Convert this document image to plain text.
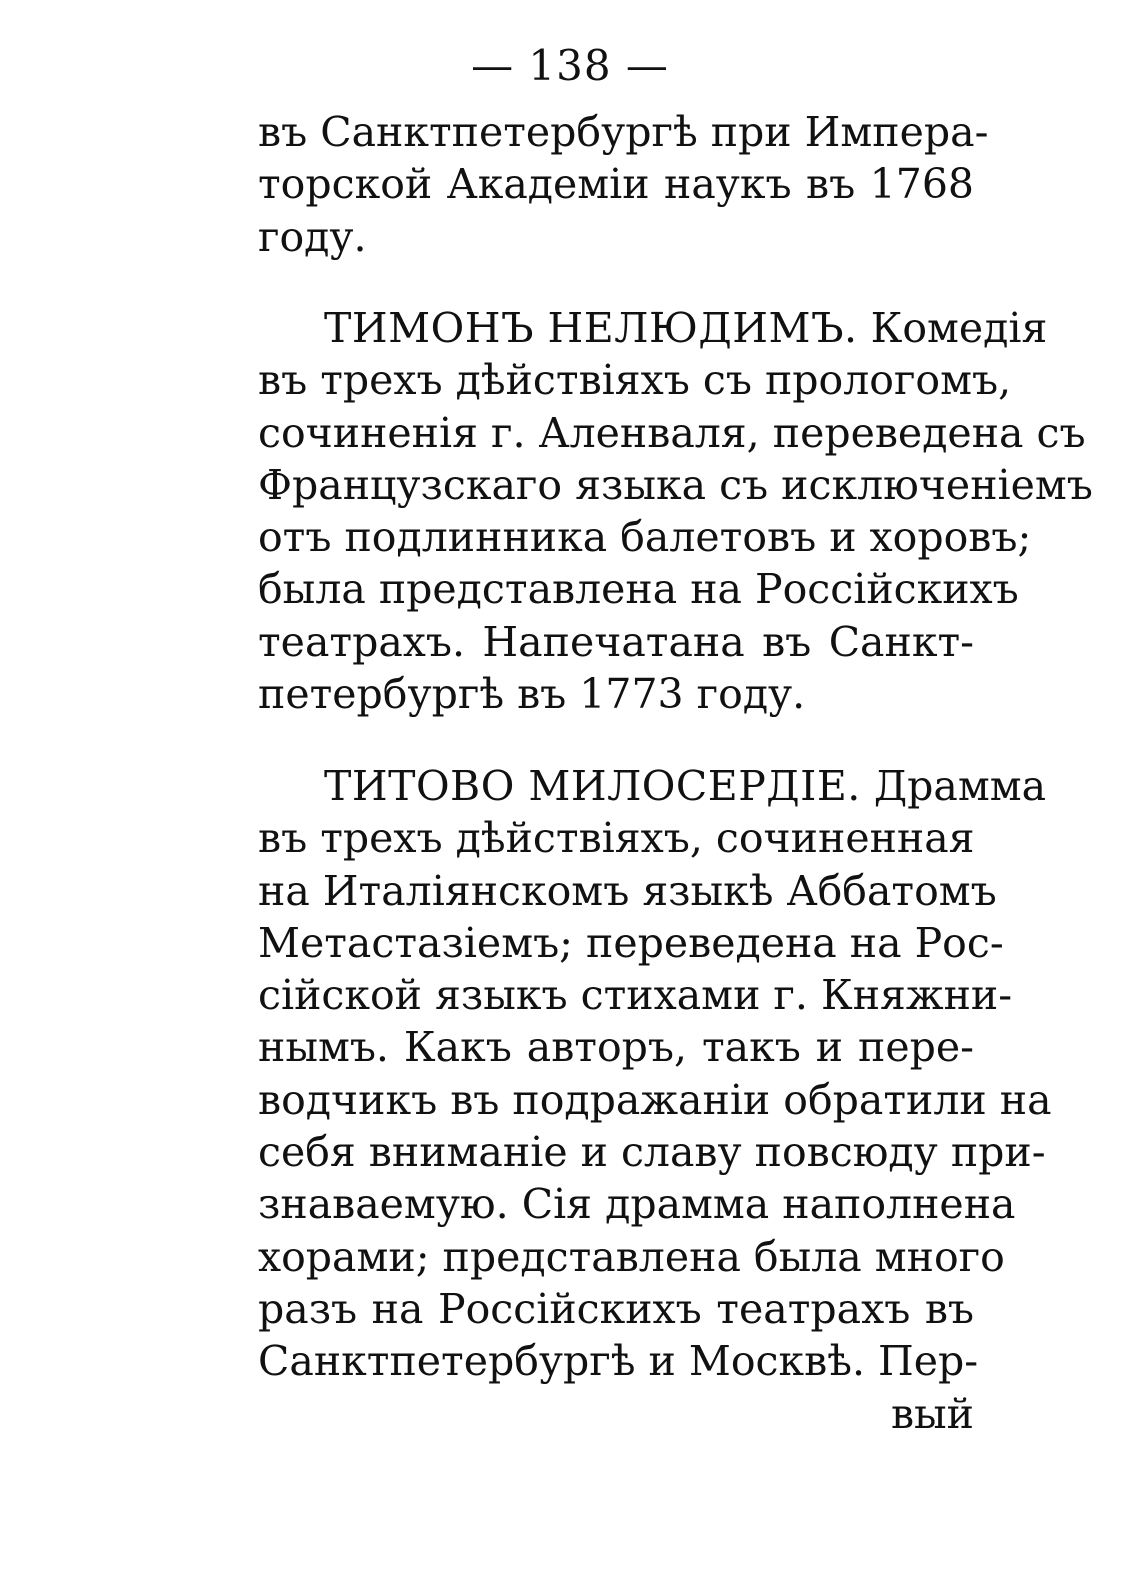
— 138 —
въ Санктпетербургѣ при Импера-
торской Академіи наукъ въ 1768
году.
ТИМОНЪ НЕЛЮДИМЪ. Комедія
въ трехъ дѣйствіяхъ съ прологомъ,
сочиненія г. Аленваля, переведена съ
Французскаго языка съ исключеніемъ
отъ подлинника балетовъ и хоровъ;
была представлена на Россійскихъ
театрахъ. Напечатана въ Санкт-
петербургѣ въ 1773 году.
ТИТОВО МИЛОСЕРДІЕ. Драмма
въ трехъ дѣйствіяхъ, сочиненная
на Италіянскомъ языкѣ Аббатомъ
Метастазіемъ; переведена на Рос-
сійской языкъ стихами г. Княжни-
нымъ. Какъ авторъ, такъ и пере-
водчикъ въ подражаніи обратили на
себя вниманіе и славу повсюду при-
знаваемую. Сія драмма наполнена
хорами; представлена была много
разъ на Россійскихъ театрахъ въ
Санктпетербургѣ и Москвѣ. Пер-
вый
